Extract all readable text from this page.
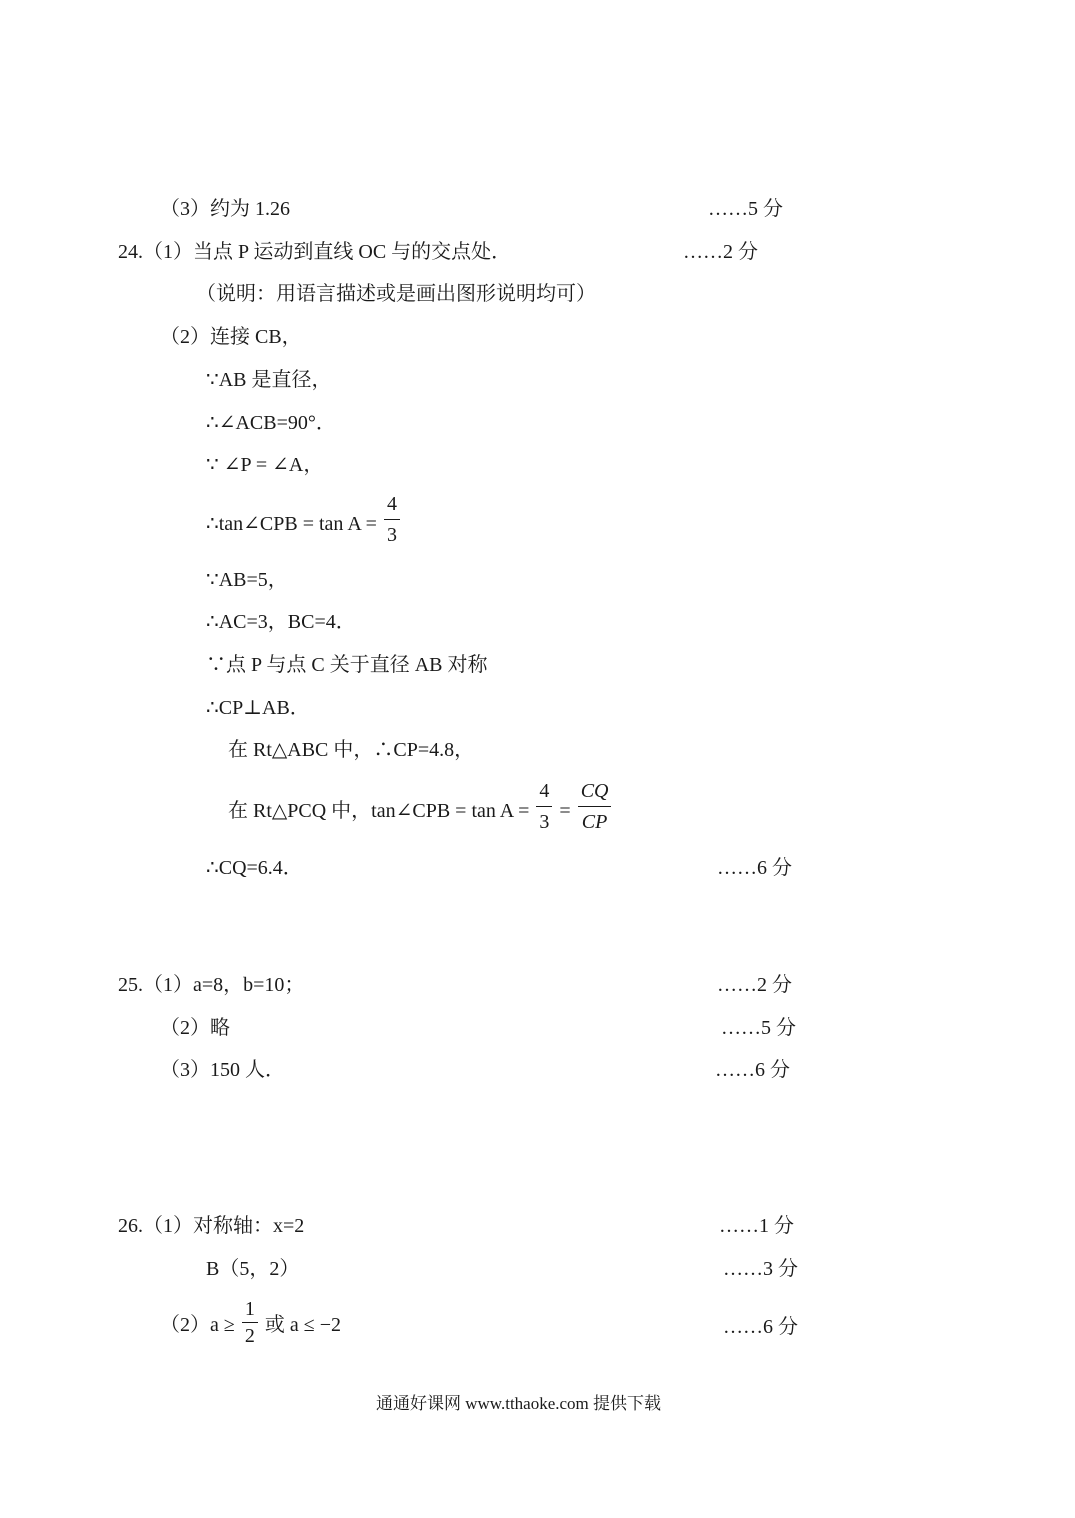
（3）约为 1.26	……5 分
24.（1）当点 P 运动到直线 OC 与的交点处．	……2 分
（说明：用语言描述或是画出图形说明均可）
（2）连接 CB，
∵AB 是直径，
∴∠ACB=90°．
∵ ∠P = ∠A，
∴tan∠CPB = $\tan A = \frac{4}{3}$
∵AB=5，
∴AC=3，BC=4．
∵点 P 与点 C 关于直径 AB 对称
∴CP⊥AB．
在 Rt△ABC 中，∴CP=4.8，
在 Rt△PCQ 中，tan∠CPB = $\tan A = \frac{4}{3} = \frac{CQ}{CP}$
∴CQ=6.4．	……6 分
25.（1）a=8，b=10；	……2 分
（2）略	……5 分
（3）150 人．	……6 分
26.（1）对称轴：x=2	……1 分
B（5，2）	……3 分
$(2)a \ge \frac{1}{2}$ 或 a ≤ −2	……6 分
通通好课网 www.tthaoke.com 提供下载
